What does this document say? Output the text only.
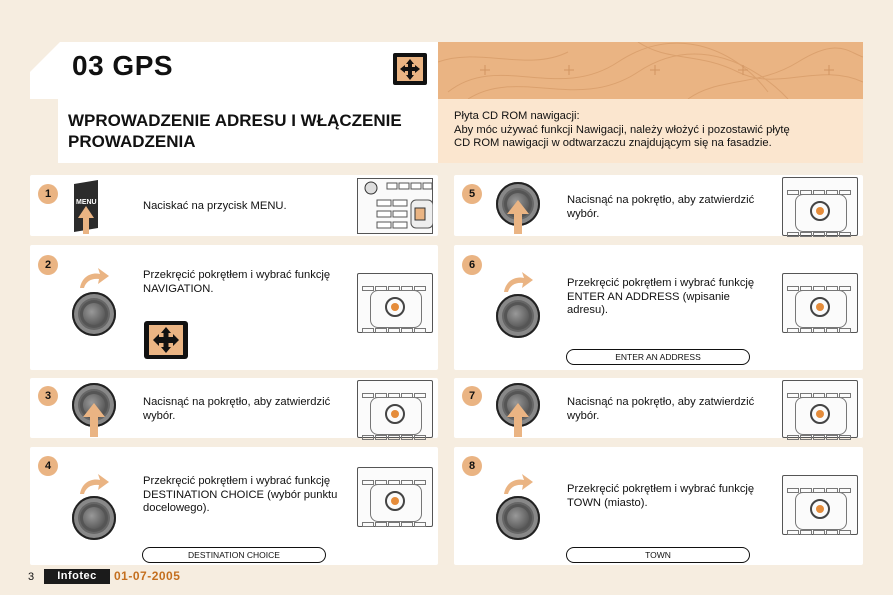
03 GPS
WPROWADZENIE ADRESU I WŁĄCZENIE PROWADZENIA
Płyta CD ROM nawigacji:
Aby móc używać funkcji Nawigacji, należy włożyć i pozostawić płytę
CD ROM nawigacji w odtwarzaczu znajdującym się na fasadzie.
1
MENU	Naciskać na przycisk MENU.
2
Przekręcić pokrętłem i wybrać funkcję NAVIGATION.
3	Nacisnąć na pokrętło, aby zatwierdzić wybór.
4
Przekręcić pokrętłem i wybrać funkcję DESTINATION CHOICE (wybór punktu docelowego).
DESTINATION CHOICE
5	Nacisnąć na pokrętło, aby zatwierdzić wybór.
6
Przekręcić pokrętłem i wybrać funkcję ENTER AN ADDRESS (wpisanie adresu).
ENTER AN ADDRESS
7	Nacisnąć na pokrętło, aby zatwierdzić wybór.
8
Przekręcić pokrętłem i wybrać funkcję TOWN (miasto).
TOWN
3	Infotec	01-07-2005
